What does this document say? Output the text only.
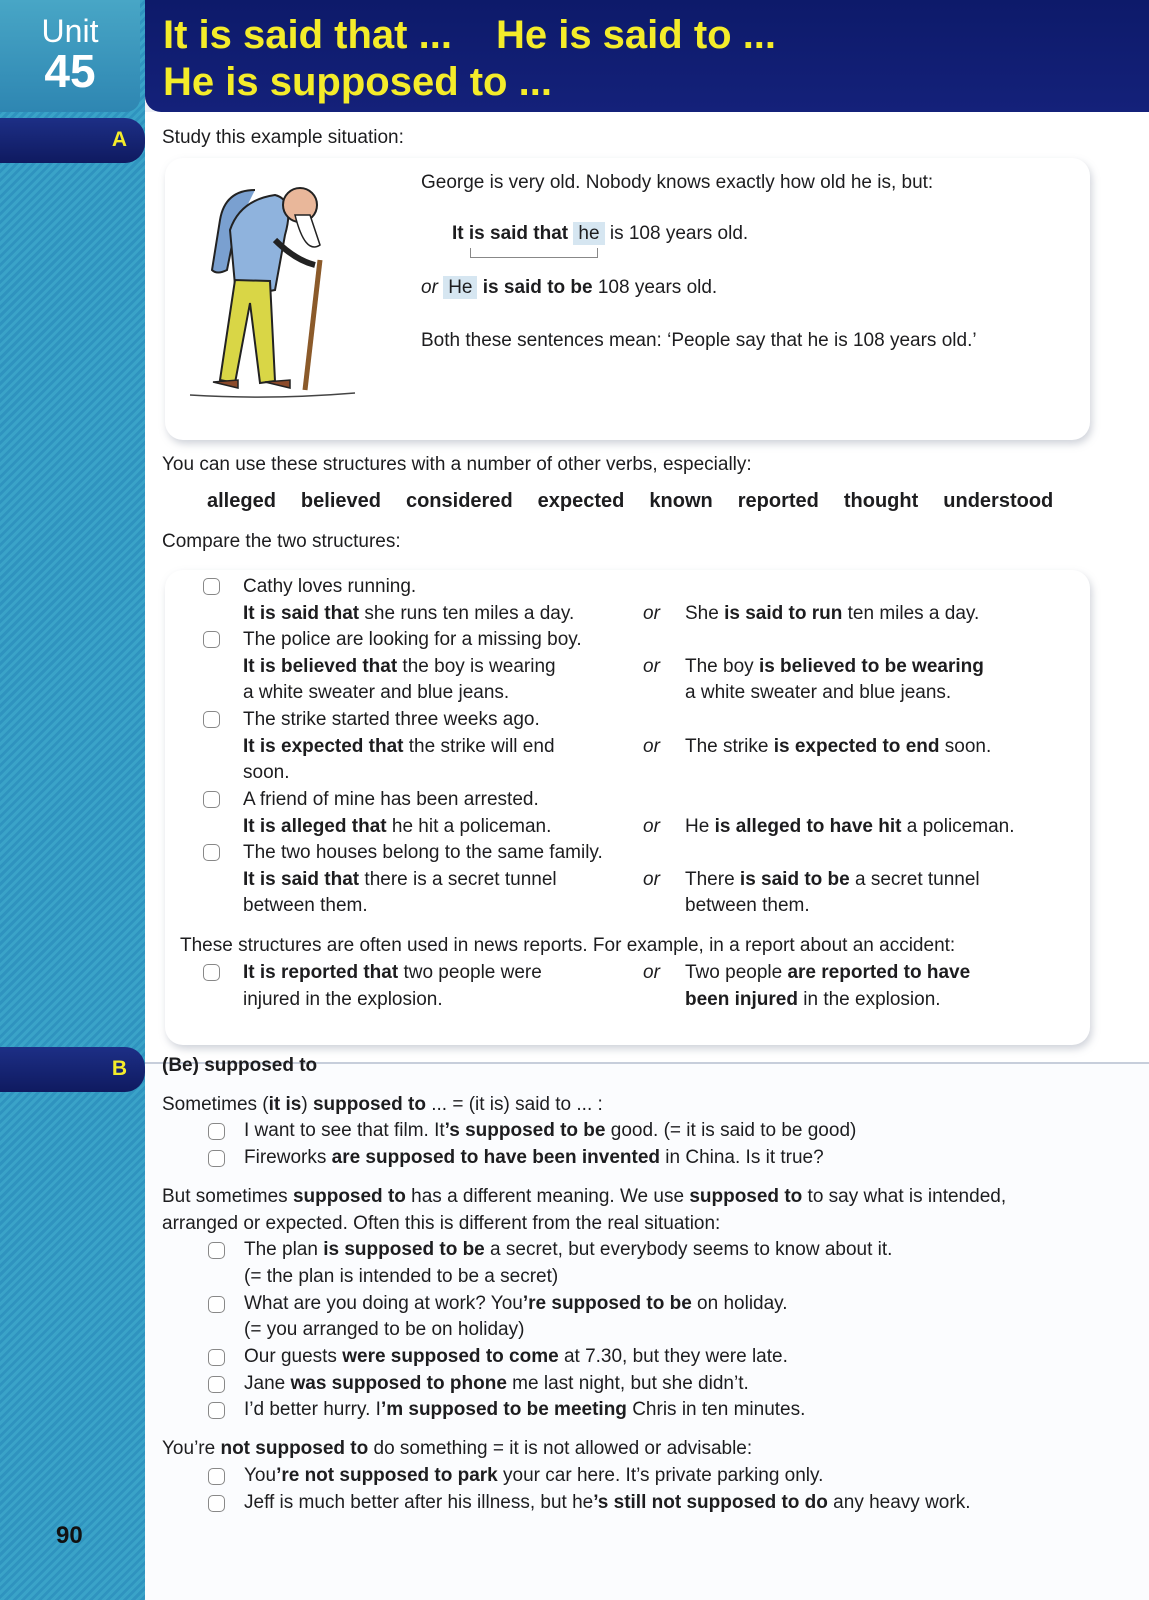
Unit
45
It is said that ... He is said to ...
He is supposed to ...
A	Study this example situation:
George is very old. Nobody knows exactly how old he is, but:
It is said that he is 108 years old.
or He is said to be 108 years old.
Both these sentences mean: ‘People say that he is 108 years old.’
You can use these structures with a number of other verbs, especially:
alleged believed considered expected known reported thought understood
Compare the two structures:
Cathy loves running.
It is said that she runs ten miles a day.	or She is said to run ten miles a day.
The police are looking for a missing boy.
It is believed that the boy is wearing
a white sweater and blue jeans.
or The boy is believed to be wearing
a white sweater and blue jeans.
The strike started three weeks ago.
It is expected that the strike will end
soon.
or The strike is expected to end soon.
A friend of mine has been arrested.
It is alleged that he hit a policeman.	or He is alleged to have hit a policeman.
The two houses belong to the same family.
It is said that there is a secret tunnel
between them.
or There is said to be a secret tunnel
between them.
These structures are often used in news reports. For example, in a report about an accident:
It is reported that two people were
injured in the explosion.
or Two people are reported to have
been injured in the explosion.
B	(Be) supposed to
Sometimes (it is) supposed to ... = (it is) said to ... :
I want to see that film. It’s supposed to be good. (= it is said to be good)
Fireworks are supposed to have been invented in China. Is it true?
But sometimes supposed to has a different meaning. We use supposed to to say what is intended,
arranged or expected. Often this is different from the real situation:
The plan is supposed to be a secret, but everybody seems to know about it.
(= the plan is intended to be a secret)
What are you doing at work? You’re supposed to be on holiday.
(= you arranged to be on holiday)
Our guests were supposed to come at 7.30, but they were late.
Jane was supposed to phone me last night, but she didn’t.
I’d better hurry. I’m supposed to be meeting Chris in ten minutes.
You’re not supposed to do something = it is not allowed or advisable:
You’re not supposed to park your car here. It’s private parking only.
Jeff is much better after his illness, but he’s still not supposed to do any heavy work.
90
